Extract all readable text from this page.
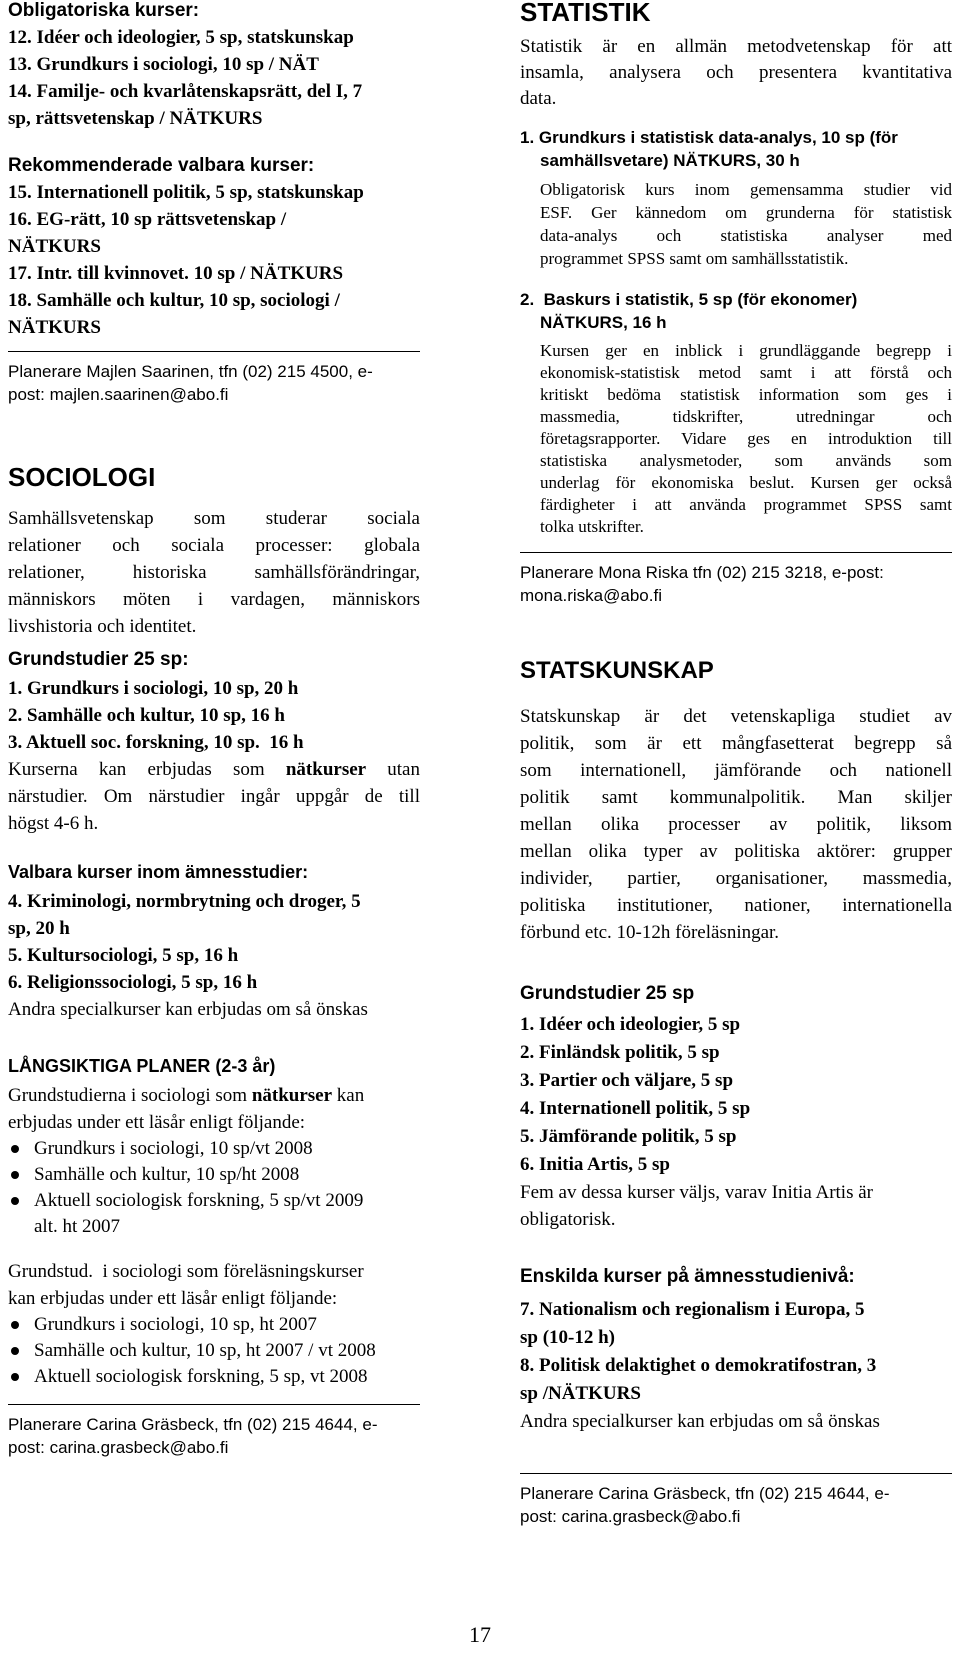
Obligatoriska kurser:

12. Idéer och ideologier, 5 sp, statskunskap

13. Grundkurs i sociologi, 10 sp / NÄT

14. Familje- och kvarlåtenskapsrätt, del I, 7

sp, rättsvetenskap / NÄTKURS

Rekommenderade valbara kurser:

15. Internationell politik, 5 sp, statskunskap

16. EG-rätt, 10 sp rättsvetenskap /

NÄTKURS

17. Intr. till kvinnovet. 10 sp / NÄTKURS

18. Samhälle och kultur, 10 sp, sociologi /

NÄTKURS

Planerare Majlen Saarinen, tfn (02) 215 4500, e-

post: majlen.saarinen@abo.fi

SOCIOLOGI

Samhällsvetenskap som studerar sociala

relationer och sociala processer: globala

relationer, historiska samhällsförändringar,

människors möten i vardagen, människors

livshistoria och identitet.

Grundstudier 25 sp:

1. Grundkurs i sociologi, 10 sp, 20 h

2. Samhälle och kultur, 10 sp, 16 h

3. Aktuell soc. forskning, 10 sp.  16 h

Kurserna kan erbjudas som nätkurser utan

närstudier. Om närstudier ingår uppgår de till

högst 4-6 h.

Valbara kurser inom ämnesstudier:

4. Kriminologi, normbrytning och droger, 5

sp, 20 h

5. Kultursociologi, 5 sp, 16 h

6. Religionssociologi, 5 sp, 16 h

Andra specialkurser kan erbjudas om så önskas

LÅNGSIKTIGA PLANER (2-3 år)

Grundstudierna i sociologi som nätkurser kan

erbjudas under ett läsår enligt följande:

Grundkurs i sociologi, 10 sp/vt 2008
Samhälle och kultur, 10 sp/ht 2008
Aktuell sociologisk forskning, 5 sp/vt 2009
alt. ht 2007

Grundstud.  i sociologi som föreläsningskurser

kan erbjudas under ett läsår enligt följande:

Grundkurs i sociologi, 10 sp, ht 2007
Samhälle och kultur, 10 sp, ht 2007 / vt 2008
Aktuell sociologisk forskning, 5 sp, vt 2008

Planerare Carina Gräsbeck, tfn (02) 215 4644, e-

post: carina.grasbeck@abo.fi

STATISTIK

Statistik är en allmän metodvetenskap för att

insamla, analysera och presentera kvantitativa

data.

1. Grundkurs i statistisk data-analys, 10 sp (för

samhällsvetare) NÄTKURS, 30 h

Obligatorisk kurs inom gemensamma studier vid

ESF. Ger kännedom om grunderna för statistisk

data-analys och statistiska analyser med

programmet SPSS samt om samhällsstatistik.

2.  Baskurs i statistik, 5 sp (för ekonomer)

NÄTKURS, 16 h

Kursen ger en inblick i grundläggande begrepp i

ekonomisk-statistisk metod samt i att förstå och

kritiskt bedöma statistisk information som ges i

massmedia, tidskrifter, utredningar och

företagsrapporter. Vidare ges en introduktion till

statistiska analysmetoder, som används som

underlag för ekonomiska beslut. Kursen ger också

färdigheter i att använda programmet SPSS samt

tolka utskrifter.

Planerare Mona Riska tfn (02) 215 3218, e-post:

mona.riska@abo.fi

STATSKUNSKAP

Statskunskap är det vetenskapliga studiet av

politik, som är ett mångfasetterat begrepp så

som internationell, jämförande och nationell

politik samt kommunalpolitik. Man skiljer

mellan olika processer av politik, liksom

mellan olika typer av politiska aktörer: grupper

individer, partier, organisationer, massmedia,

politiska institutioner, nationer, internationella

förbund etc. 10-12h föreläsningar.

Grundstudier 25 sp

1. Idéer och ideologier, 5 sp

2. Finländsk politik, 5 sp

3. Partier och väljare, 5 sp

4. Internationell politik, 5 sp

5. Jämförande politik, 5 sp

6. Initia Artis, 5 sp

Fem av dessa kurser väljs, varav Initia Artis är

obligatorisk.

Enskilda kurser på ämnesstudienivå:

7. Nationalism och regionalism i Europa, 5

sp (10-12 h)

8. Politisk delaktighet o demokratifostran, 3

sp /NÄTKURS

Andra specialkurser kan erbjudas om så önskas

Planerare Carina Gräsbeck, tfn (02) 215 4644, e-

post: carina.grasbeck@abo.fi

17
